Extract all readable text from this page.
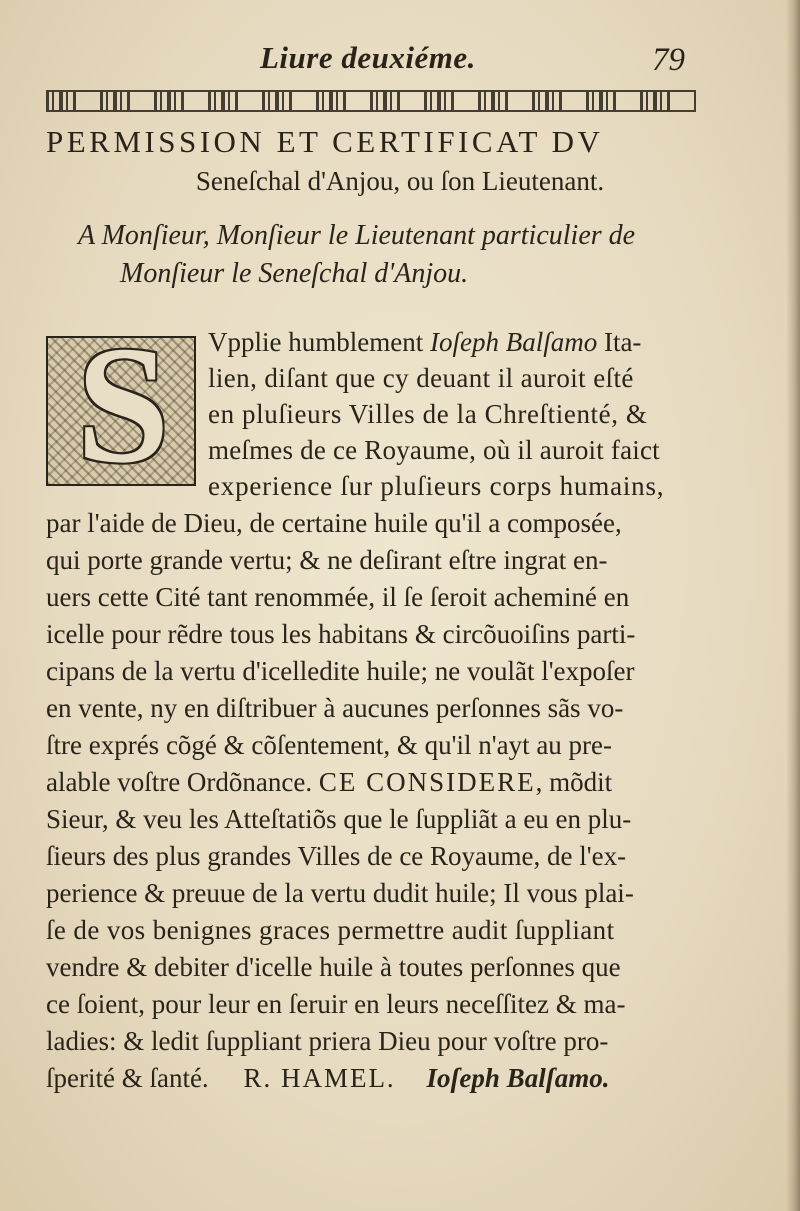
Liure deuxiéme.	79
PERMISSION ET CERTIFICAT DV
Seneſchal d'Anjou, ou ſon Lieutenant.
A Monſieur, Monſieur le Lieutenant particulier de
Monſieur le Seneſchal d'Anjou.
S	Vpplie humblement Ioſeph Balſamo Ita-
lien, diſant que cy deuant il auroit eſté
en pluſieurs Villes de la Chreſtienté, &
meſmes de ce Royaume, où il auroit faict
experience ſur pluſieurs corps humains,
par l'aide de Dieu, de certaine huile qu'il a composée,
qui porte grande vertu; & ne deſirant eſtre ingrat en-
uers cette Cité tant renommée, il ſe ſeroit acheminé en
icelle pour rẽdre tous les habitans & circõuoiſins parti-
cipans de la vertu d'icelledite huile; ne voulãt l'expoſer
en vente, ny en diſtribuer à aucunes perſonnes sãs vo-
ſtre exprés cõgé & cõſentement, & qu'il n'ayt au pre-
alable voſtre Ordõnance. CE CONSIDERE, mõdit
Sieur, & veu les Atteſtatiõs que le ſuppliãt a eu en plu-
ſieurs des plus grandes Villes de ce Royaume, de l'ex-
perience & preuue de la vertu dudit huile; Il vous plai-
ſe de vos benignes graces permettre audit ſuppliant
vendre & debiter d'icelle huile à toutes perſonnes que
ce ſoient, pour leur en ſeruir en leurs neceſſitez & ma-
ladies: & ledit ſuppliant priera Dieu pour voſtre pro-
ſperité & ſanté. R. HAMEL. Ioſeph Balſamo.
